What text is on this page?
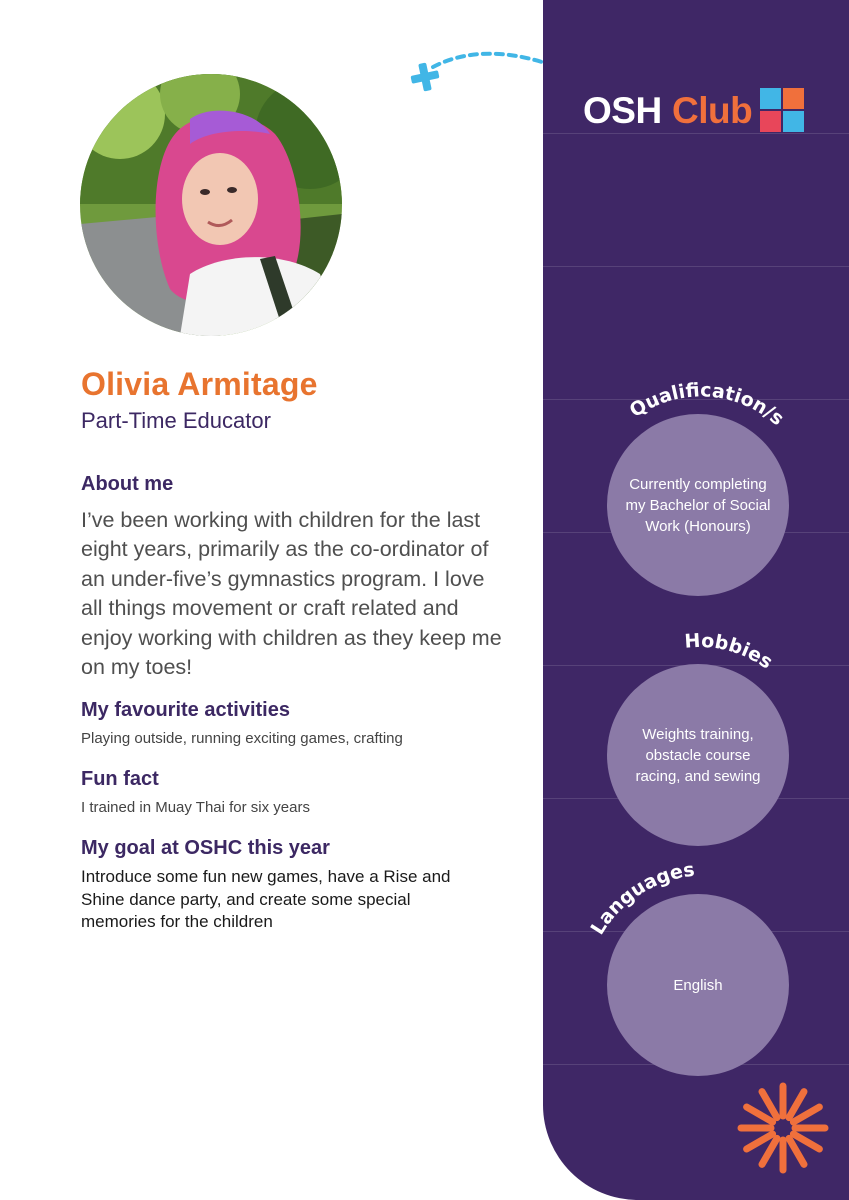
Olivia Armitage
Part-Time Educator
About me

I’ve been working with children for the last eight years, primarily as the co-ordinator of an under-five’s gymnastics program. I love all things movement or craft related and enjoy working with children as they keep me on my toes!

My favourite activities

Playing outside, running exciting games, crafting

Fun fact

I trained in Muay Thai for six years

My goal at OSHC this year

Introduce some fun new games, have a Rise and Shine dance party, and create some special memories for the children

OSH Club
Currently completing my Bachelor of Social Work (Honours)
Weights training, obstacle course racing, and sewing
English
Qualification/s
Hobbies
Languages
